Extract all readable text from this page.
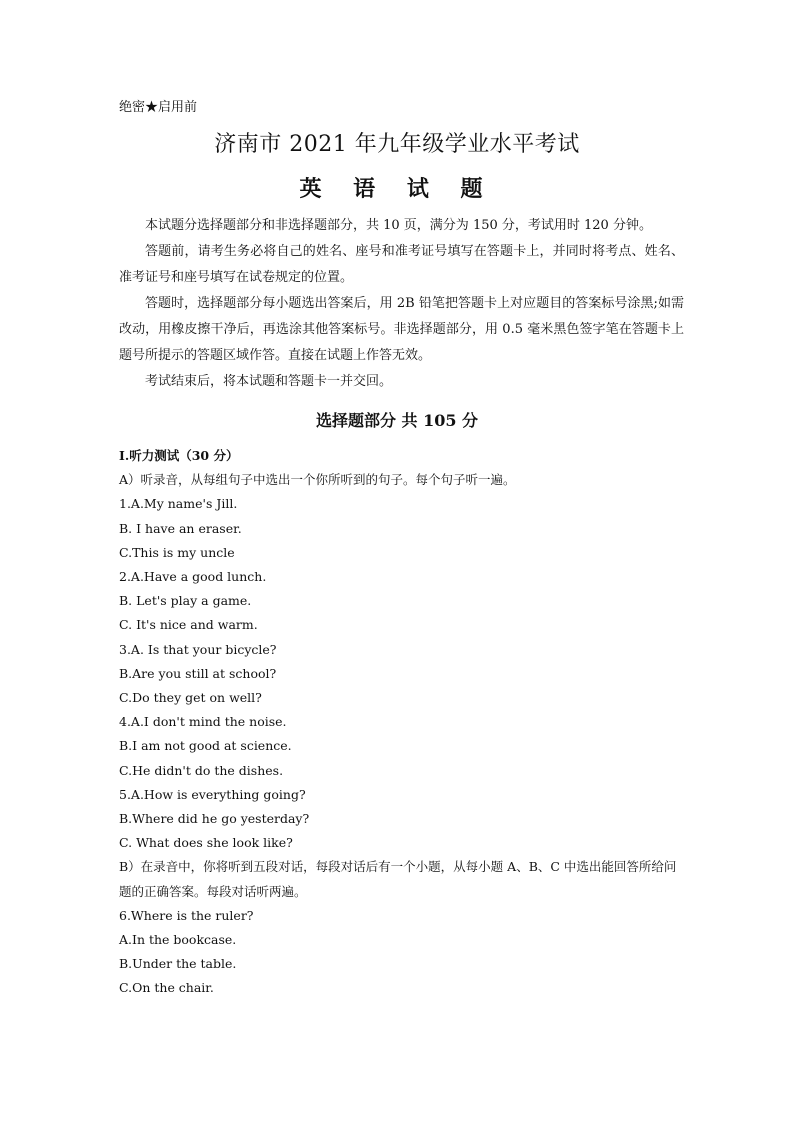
绝密★启用前
济南市 2021 年九年级学业水平考试
英 语 试 题

本试题分选择题部分和非选择题部分，共 10 页，满分为 150 分，考试用时 120 分钟。

答题前，请考生务必将自己的姓名、座号和准考证号填写在答题卡上，并同时将考点、姓名、准考证号和座号填写在试卷规定的位置。

答题时，选择题部分每小题选出答案后，用 2B 铅笔把答题卡上对应题目的答案标号涂黑;如需改动，用橡皮擦干净后，再选涂其他答案标号。非选择题部分，用 0.5 毫米黑色签字笔在答题卡上题号所提示的答题区域作答。直接在试题上作答无效。

考试结束后，将本试题和答题卡一并交回。

选择题部分 共 105 分
I.听力测试（30 分）
A）听录音，从每组句子中选出一个你所听到的句子。每个句子听一遍。
1.A.My name's Jill.
B. I have an eraser.
C.This is my uncle
2.A.Have a good lunch.
B. Let's play a game.
C. It's nice and warm.
3.A. Is that your bicycle?
B.Are you still at school?
C.Do they get on well?
4.A.I don't mind the noise.
B.I am not good at science.
C.He didn't do the dishes.
5.A.How is everything going?
B.Where did he go yesterday?
C. What does she look like?
B）在录音中，你将听到五段对话，每段对话后有一个小题，从每小题 A、B、C 中选出能回答所给问题的正确答案。每段对话听两遍。
6.Where is the ruler?
A.In the bookcase.
B.Under the table.
C.On the chair.
